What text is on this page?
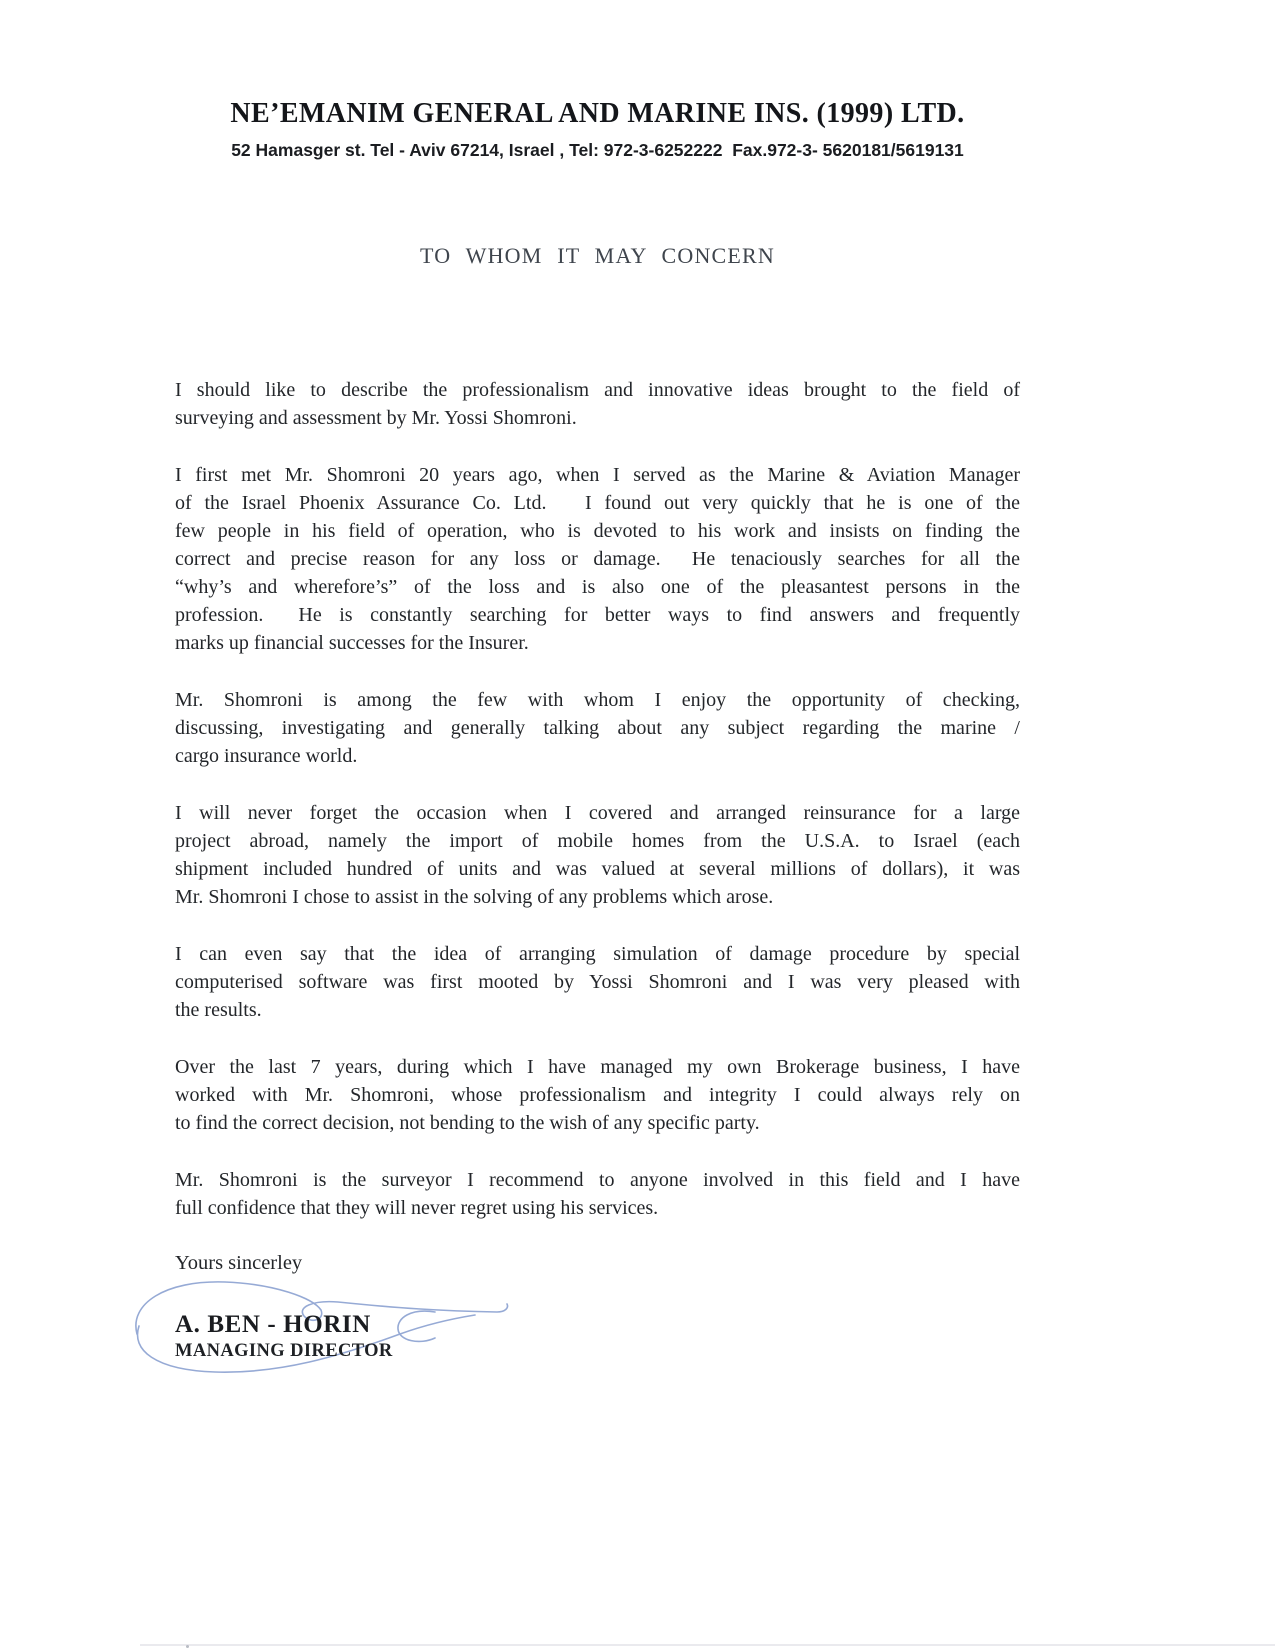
NE’EMANIM GENERAL AND MARINE INS. (1999) LTD.
52 Hamasger st. Tel - Aviv 67214, Israel , Tel: 972-3-6252222  Fax.972-3- 5620181/5619131
TO WHOM IT MAY CONCERN
I should like to describe the professionalism and innovative ideas brought to the field of
surveying and assessment by Mr. Yossi Shomroni.
I first met Mr. Shomroni 20 years ago, when I served as the Marine & Aviation Manager
of the Israel Phoenix Assurance Co. Ltd.   I found out very quickly that he is one of the
few people in his field of operation, who is devoted to his work and insists on finding the
correct and precise reason for any loss or damage.  He tenaciously searches for all the
“why’s and wherefore’s” of the loss and is also one of the pleasantest persons in the
profession.  He is constantly searching for better ways to find answers and frequently
marks up financial successes for the Insurer.
Mr. Shomroni is among the few with whom I enjoy the opportunity of checking,
discussing, investigating and generally talking about any subject regarding the marine /
cargo insurance world.
I will never forget the occasion when I covered and arranged reinsurance for a large
project abroad, namely the import of mobile homes from the U.S.A. to Israel (each
shipment included hundred of units and was valued at several millions of dollars), it was
Mr. Shomroni I chose to assist in the solving of any problems which arose.
I can even say that the idea of arranging simulation of damage procedure by special
computerised software was first mooted by Yossi Shomroni and I was very pleased with
the results.
Over the last 7 years, during which I have managed my own Brokerage business, I have
worked with Mr. Shomroni, whose professionalism and integrity I could always rely on
to find the correct decision, not bending to the wish of any specific party.
Mr. Shomroni is the surveyor I recommend to anyone involved in this field and I have
full confidence that they will never regret using his services.
Yours sincerley
A. BEN - HORIN
MANAGING DIRECTOR
